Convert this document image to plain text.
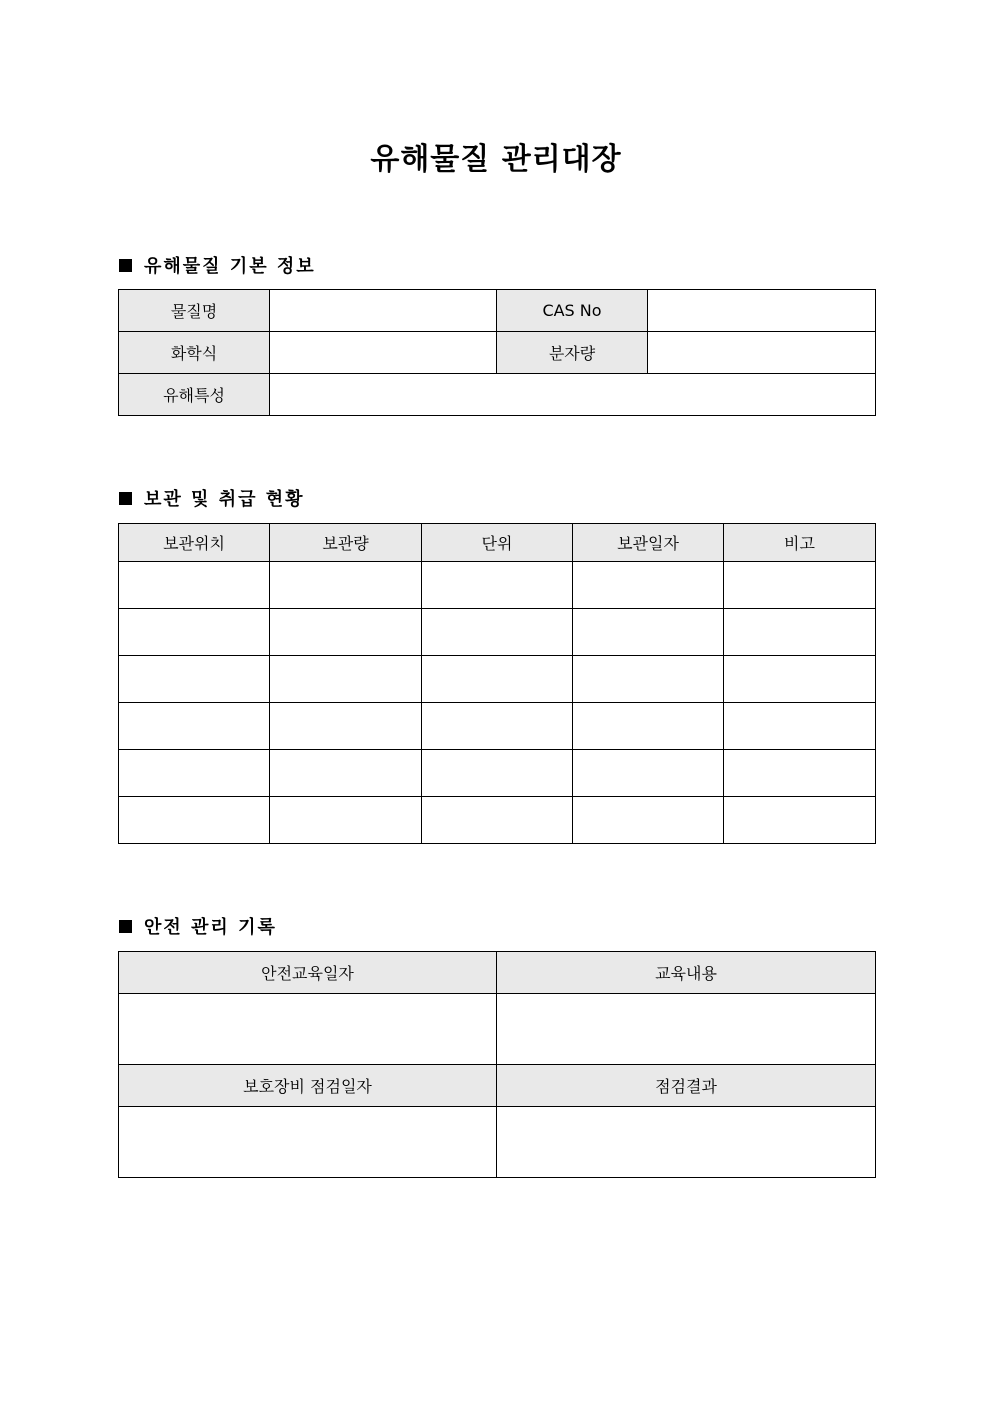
유해물질 관리대장
유해물질 기본 정보
물질명		CAS No	
화학식		분자량	
유해특성			
보관 및 취급 현황
보관위치	보관량	단위	보관일자	비고

안전 관리 기록
안전교육일자	교육내용

보호장비 점검일자	점검결과
